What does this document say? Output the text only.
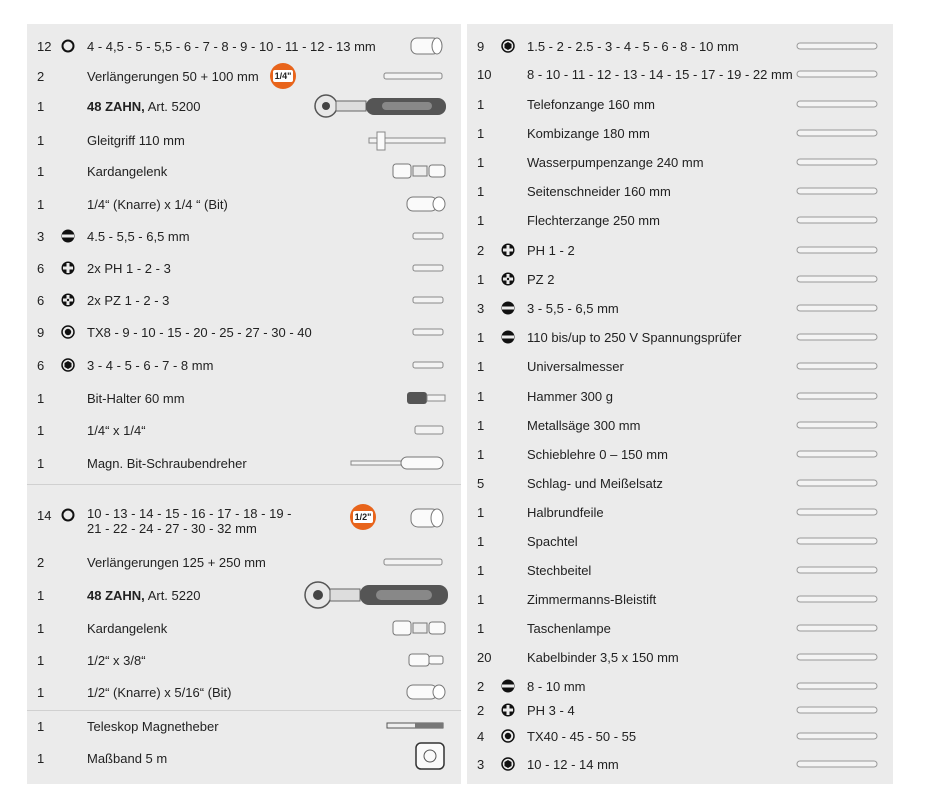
12	4 - 4,5 - 5 - 5,5 - 6 - 7 - 8 - 9 - 10 - 11 - 12 - 13 mm
2	Verlängerungen 50 + 100 mm 1/4"
1	48 ZAHN, Art. 5200
1	Gleitgriff 110 mm
1	Kardangelenk
1	1/4“ (Knarre) x 1/4 “ (Bit)
3	4.5 - 5,5 - 6,5 mm
6	2x PH 1 - 2 - 3
6	2x PZ 1 - 2 - 3
9	TX8 - 9 - 10 - 15 - 20 - 25 - 27 - 30 - 40
6	3 - 4 - 5 - 6 - 7 - 8 mm
1	Bit-Halter 60 mm
1	1/4“ x 1/4“
1	Magn. Bit-Schraubendreher
14	10 - 13 - 14 - 15 - 16 - 17 - 18 - 19 -
21 - 22 - 24 - 27 - 30 - 32 mm
1/2"
2	Verlängerungen 125 + 250 mm
1	48 ZAHN, Art. 5220
1	Kardangelenk
1	1/2“ x 3/8“
1	1/2“ (Knarre) x 5/16“ (Bit)
1	Teleskop Magnetheber
1	Maßband 5 m
9	1.5 - 2 - 2.5 - 3 - 4 - 5 - 6 - 8 - 10 mm
10	8 - 10 - 11 - 12 - 13 - 14 - 15 - 17 - 19 - 22 mm
1	Telefonzange 160 mm
1	Kombizange 180 mm
1	Wasserpumpenzange 240 mm
1	Seitenschneider 160 mm
1	Flechterzange 250 mm
2	PH 1 - 2
1	PZ 2
3	3 - 5,5 - 6,5 mm
1	110 bis/up to 250 V Spannungsprüfer
1	Universalmesser
1	Hammer 300 g
1	Metallsäge 300 mm
1	Schieblehre 0 – 150 mm
5	Schlag- und Meißelsatz
1	Halbrundfeile
1	Spachtel
1	Stechbeitel
1	Zimmermanns-Bleistift
1	Taschenlampe
20	Kabelbinder 3,5 x 150 mm
2	8 - 10 mm
2	PH 3 - 4
4	TX40 - 45 - 50 - 55
3	10 - 12 - 14 mm
